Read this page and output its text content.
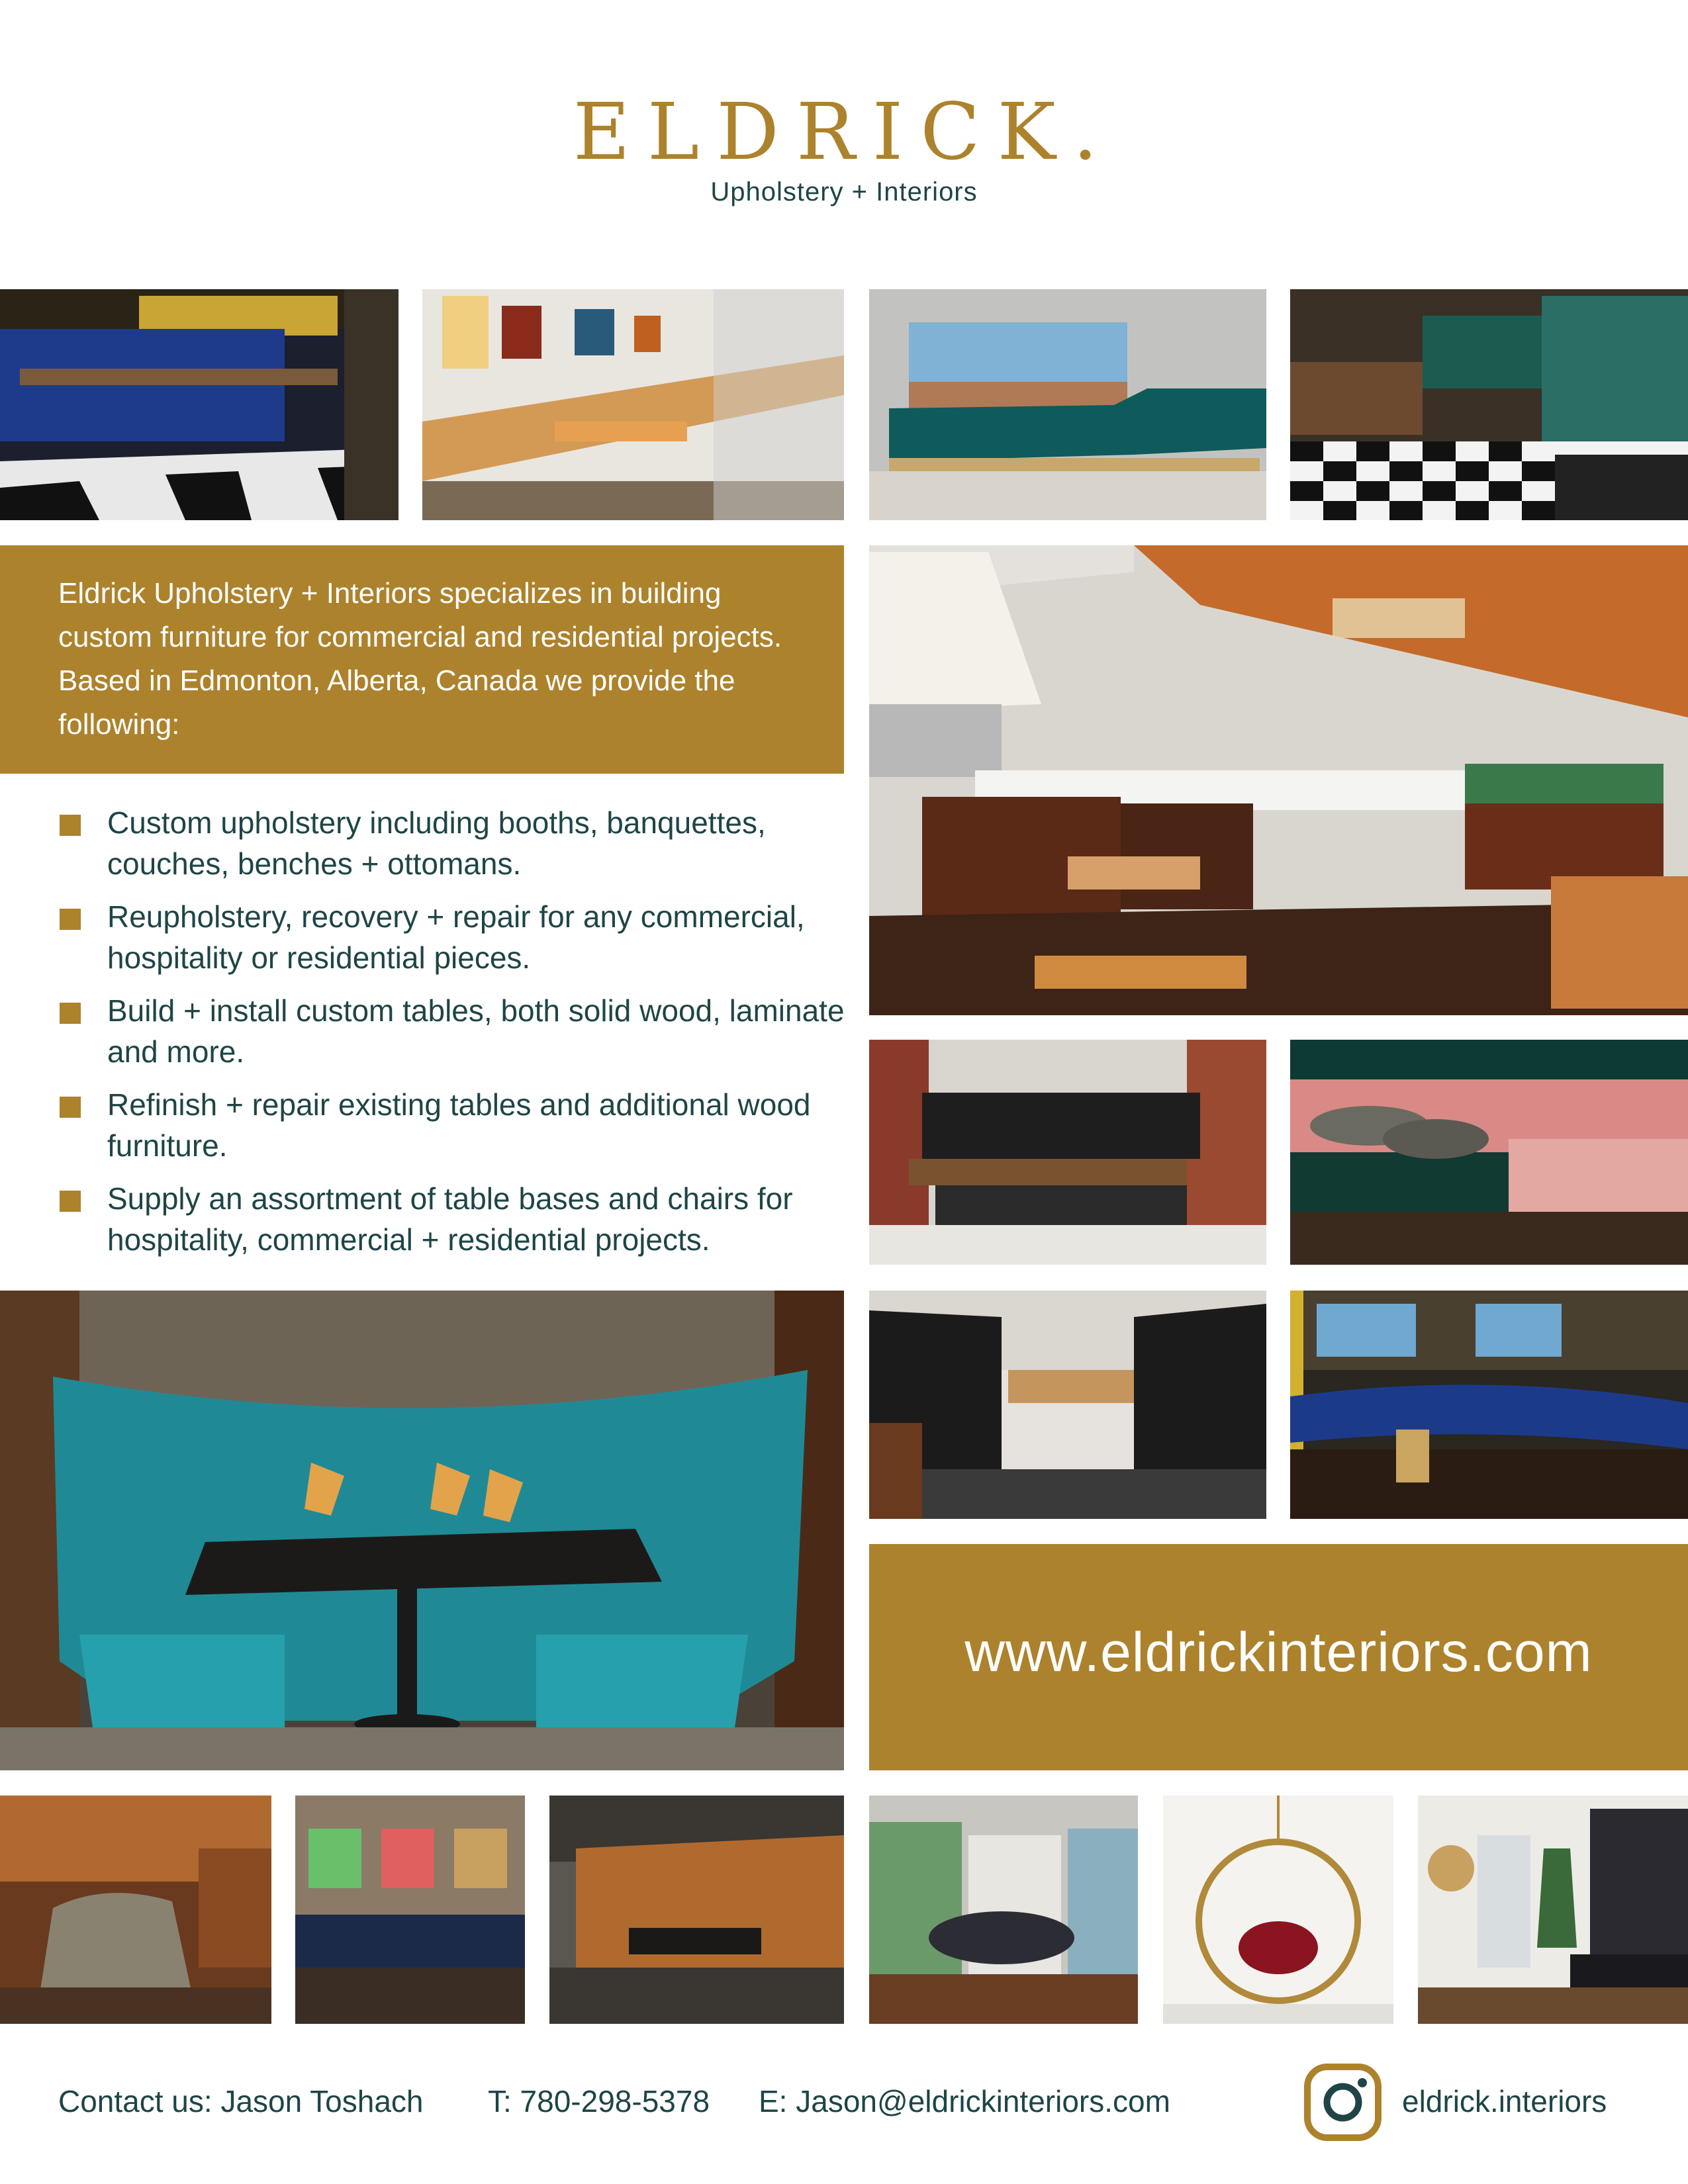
ELDRICK.
Upholstery + Interiors
Eldrick Upholstery + Interiors specializes in building custom furniture for commercial and residential projects. Based in Edmonton, Alberta, Canada we provide the following:
Custom upholstery including booths, banquettes, couches, benches + ottomans.
Reupholstery, recovery + repair for any commercial, hospitality or residential pieces.
Build + install custom tables, both solid wood, laminate and more.
Refinish + repair existing tables and additional wood furniture.
Supply an assortment of table bases and chairs for hospitality, commercial + residential projects.
www.eldrickinteriors.com
Contact us: Jason Toshach T: 780-298-5378 E: Jason@eldrickinteriors.com	eldrick.interiors
